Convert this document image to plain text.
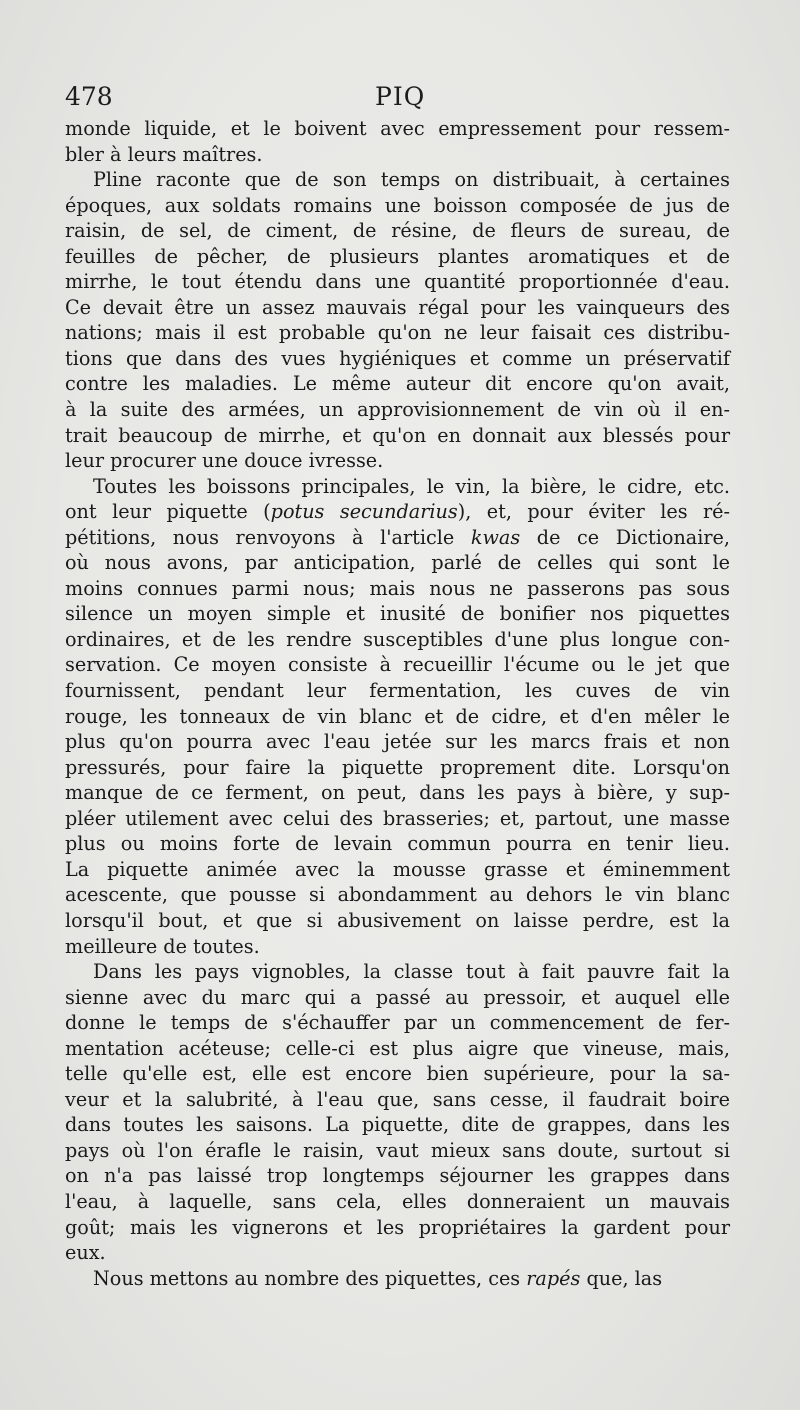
478	PIQ
monde liquide, et le boivent avec empressement pour ressem-
bler à leurs maîtres.
Pline raconte que de son temps on distribuait, à certaines
époques, aux soldats romains une boisson composée de jus de
raisin, de sel, de ciment, de résine, de fleurs de sureau, de
feuilles de pêcher, de plusieurs plantes aromatiques et de
mirrhe, le tout étendu dans une quantité proportionnée d'eau.
Ce devait être un assez mauvais régal pour les vainqueurs des
nations; mais il est probable qu'on ne leur faisait ces distribu-
tions que dans des vues hygiéniques et comme un préservatif
contre les maladies. Le même auteur dit encore qu'on avait,
à la suite des armées, un approvisionnement de vin où il en-
trait beaucoup de mirrhe, et qu'on en donnait aux blessés pour
leur procurer une douce ivresse.
Toutes les boissons principales, le vin, la bière, le cidre, etc.
ont leur piquette (potus secundarius), et, pour éviter les ré-
pétitions, nous renvoyons à l'article kwas de ce Dictionaire,
où nous avons, par anticipation, parlé de celles qui sont le
moins connues parmi nous; mais nous ne passerons pas sous
silence un moyen simple et inusité de bonifier nos piquettes
ordinaires, et de les rendre susceptibles d'une plus longue con-
servation. Ce moyen consiste à recueillir l'écume ou le jet que
fournissent, pendant leur fermentation, les cuves de vin
rouge, les tonneaux de vin blanc et de cidre, et d'en mêler le
plus qu'on pourra avec l'eau jetée sur les marcs frais et non
pressurés, pour faire la piquette proprement dite. Lorsqu'on
manque de ce ferment, on peut, dans les pays à bière, y sup-
pléer utilement avec celui des brasseries; et, partout, une masse
plus ou moins forte de levain commun pourra en tenir lieu.
La piquette animée avec la mousse grasse et éminemment
acescente, que pousse si abondamment au dehors le vin blanc
lorsqu'il bout, et que si abusivement on laisse perdre, est la
meilleure de toutes.
Dans les pays vignobles, la classe tout à fait pauvre fait la
sienne avec du marc qui a passé au pressoir, et auquel elle
donne le temps de s'échauffer par un commencement de fer-
mentation acéteuse; celle-ci est plus aigre que vineuse, mais,
telle qu'elle est, elle est encore bien supérieure, pour la sa-
veur et la salubrité, à l'eau que, sans cesse, il faudrait boire
dans toutes les saisons. La piquette, dite de grappes, dans les
pays où l'on érafle le raisin, vaut mieux sans doute, surtout si
on n'a pas laissé trop longtemps séjourner les grappes dans
l'eau, à laquelle, sans cela, elles donneraient un mauvais
goût; mais les vignerons et les propriétaires la gardent pour
eux.
Nous mettons au nombre des piquettes, ces rapés que, las
